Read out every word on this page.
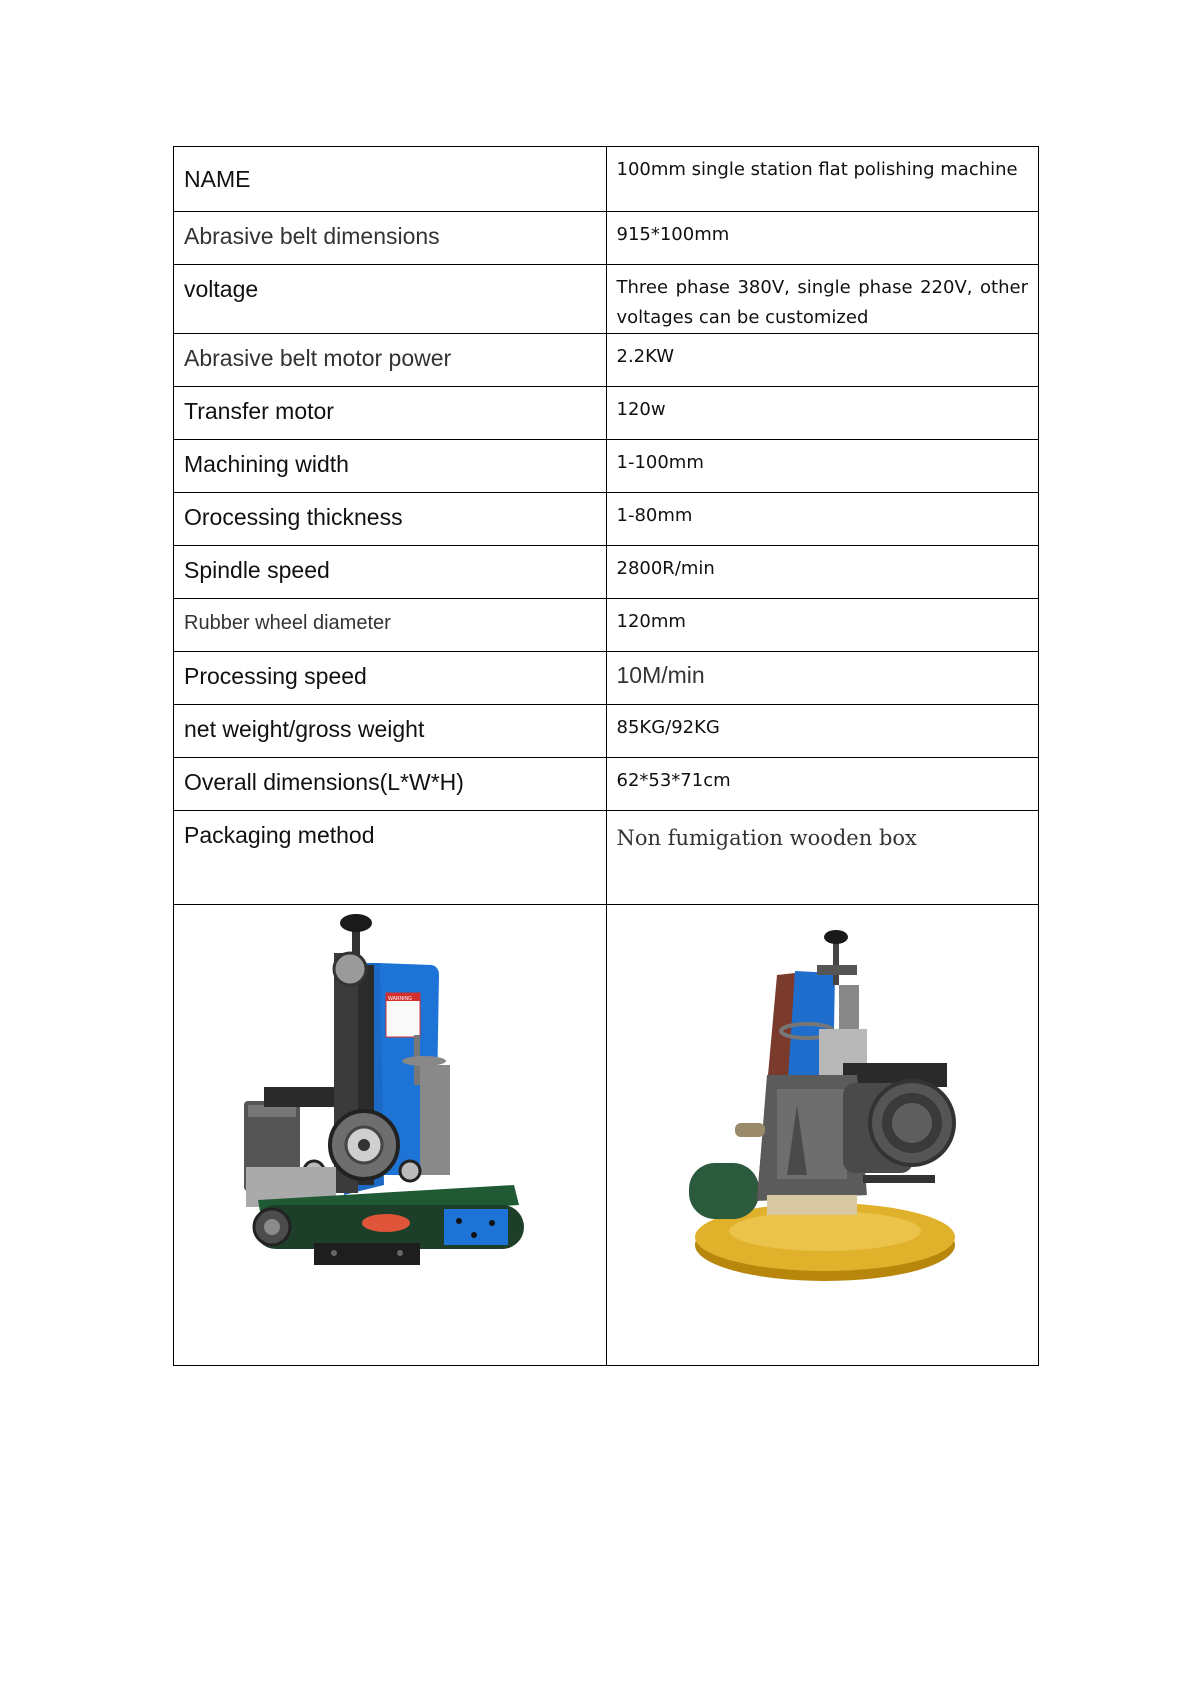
NAME	100mm single station flat polishing machine

Abrasive belt dimensions	915*100mm

voltage	Three phase 380V, single phase 220V, other voltages can be customized

Abrasive belt motor power	2.2KW

Transfer motor	120w

Machining width	1-100mm

Orocessing thickness	1-80mm

Spindle speed	2800R/min

Rubber wheel diameter	120mm

Processing speed	10M/min

net weight/gross weight	85KG/92KG

Overall dimensions(L*W*H)	62*53*71cm

Packaging method	Non fumigation wooden box

WARNING
